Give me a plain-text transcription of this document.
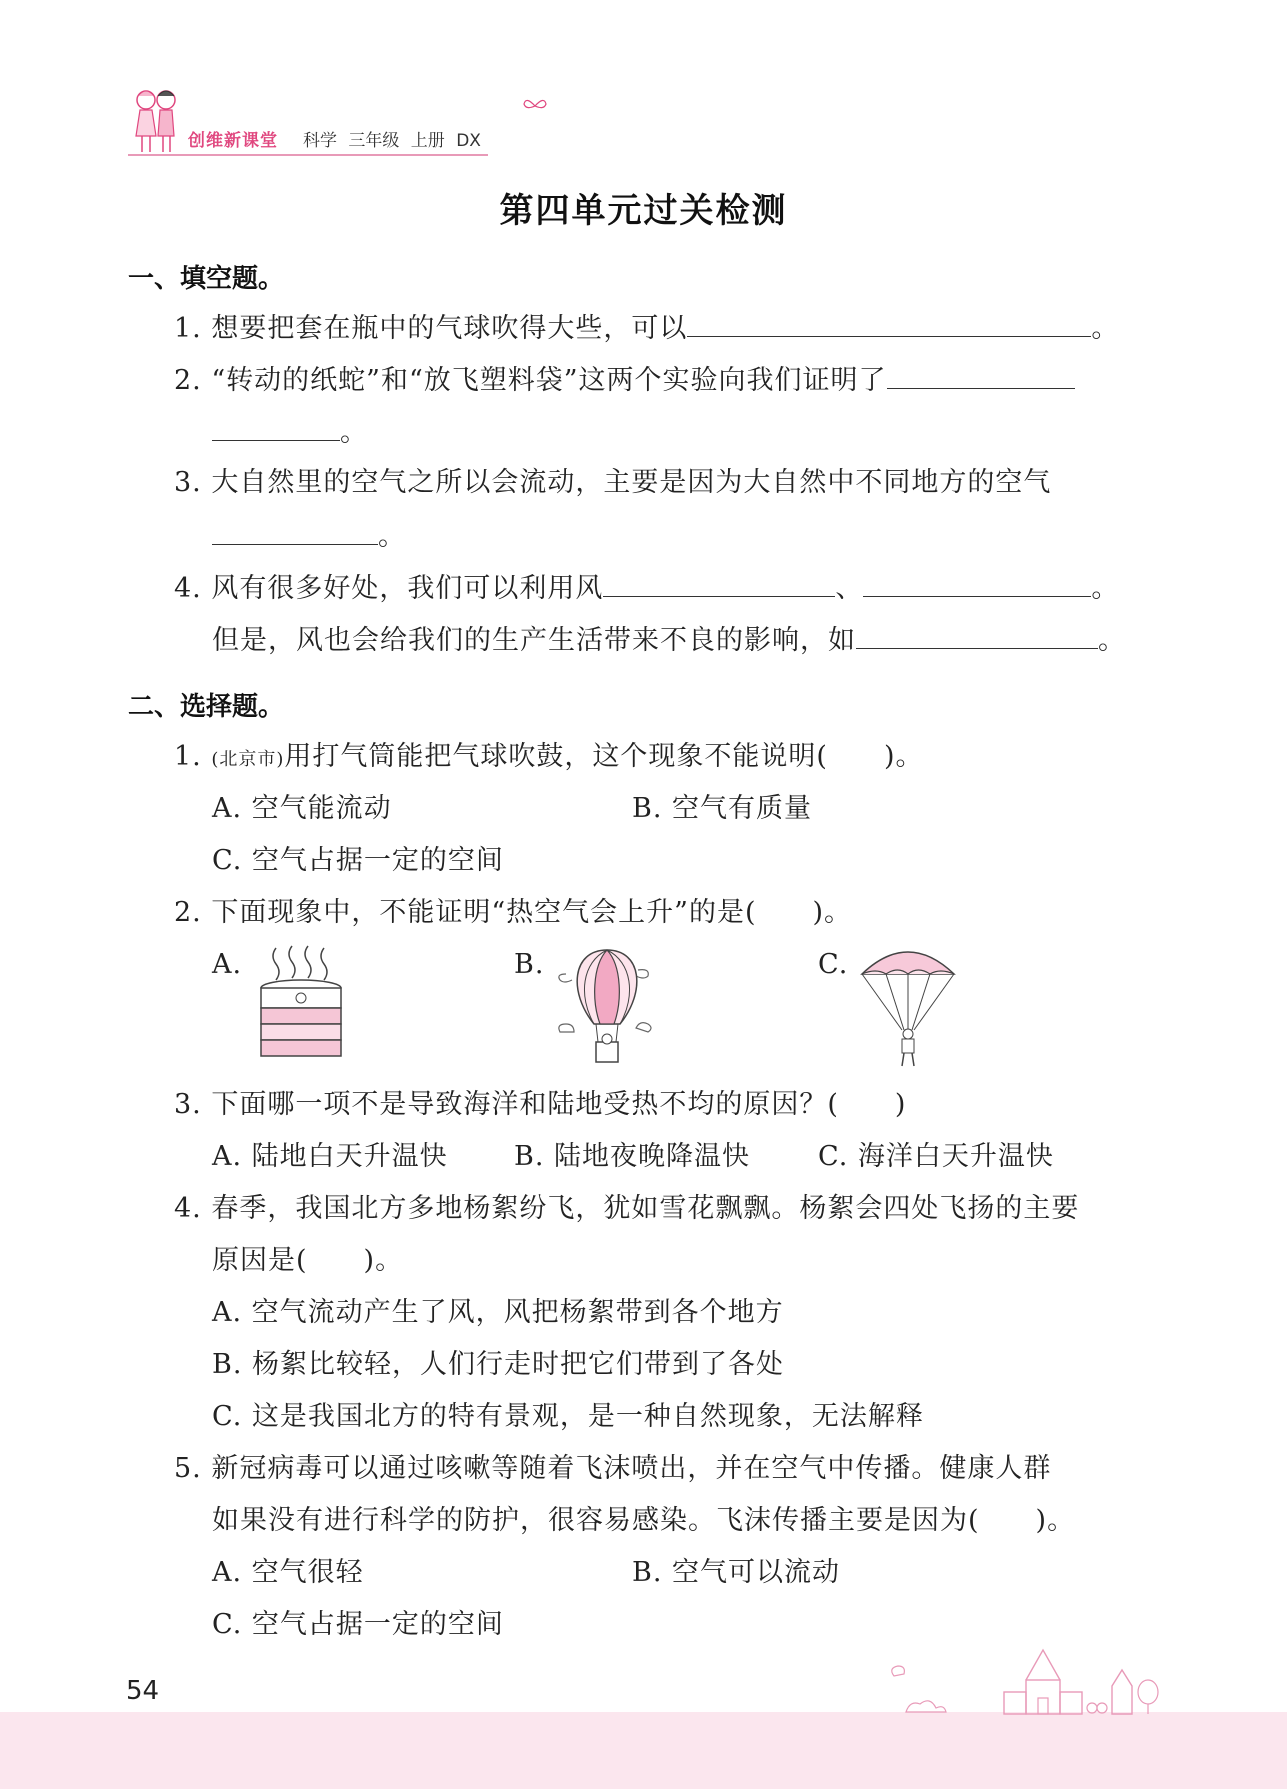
创维新课堂 科学 三年级 上册 DX
第四单元过关检测
一、填空题。
1. 想要把套在瓶中的气球吹得大些，可以	。
2. “转动的纸蛇”和“放飞塑料袋”这两个实验向我们证明了
。
3. 大自然里的空气之所以会流动，主要是因为大自然中不同地方的空气
。
4. 风有很多好处，我们可以利用风	、	。
但是，风也会给我们的生产生活带来不良的影响，如	。
二、选择题。
1. (北京市)用打气筒能把气球吹鼓，这个现象不能说明(　　)。
A. 空气能流动	B. 空气有质量
C. 空气占据一定的空间
2. 下面现象中，不能证明“热空气会上升”的是(　　)。
A.	B.	C.
3. 下面哪一项不是导致海洋和陆地受热不均的原因？(　　)
A. 陆地白天升温快 B. 陆地夜晚降温快	C. 海洋白天升温快
4. 春季，我国北方多地杨絮纷飞，犹如雪花飘飘。杨絮会四处飞扬的主要
原因是(　　)。
A. 空气流动产生了风，风把杨絮带到各个地方
B. 杨絮比较轻，人们行走时把它们带到了各处
C. 这是我国北方的特有景观，是一种自然现象，无法解释
5. 新冠病毒可以通过咳嗽等随着飞沫喷出，并在空气中传播。健康人群
如果没有进行科学的防护，很容易感染。飞沫传播主要是因为(　　)。
A. 空气很轻	B. 空气可以流动
C. 空气占据一定的空间
54
